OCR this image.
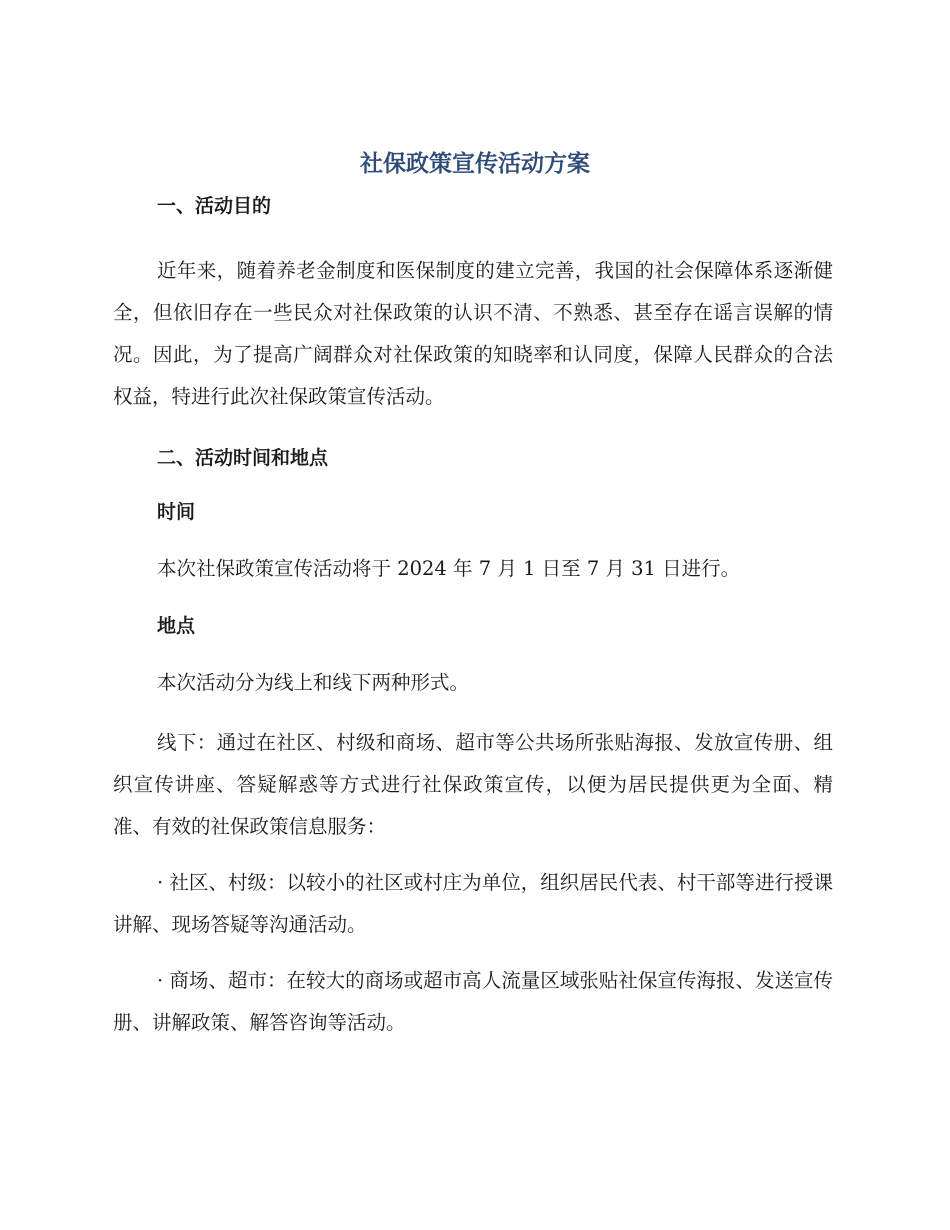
社保政策宣传活动方案
一、活动目的

近年来，随着养老金制度和医保制度的建立完善，我国的社会保障体系逐渐健全，但依旧存在一些民众对社保政策的认识不清、不熟悉、甚至存在谣言误解的情况。因此，为了提高广阔群众对社保政策的知晓率和认同度，保障人民群众的合法权益，特进行此次社保政策宣传活动。

二、活动时间和地点
时间

本次社保政策宣传活动将于 2024 年 7 月 1 日至 7 月 31 日进行。

地点

本次活动分为线上和线下两种形式。

线下：通过在社区、村级和商场、超市等公共场所张贴海报、发放宣传册、组织宣传讲座、答疑解惑等方式进行社保政策宣传，以便为居民提供更为全面、精准、有效的社保政策信息服务：

· 社区、村级：以较小的社区或村庄为单位，组织居民代表、村干部等进行授课讲解、现场答疑等沟通活动。

· 商场、超市：在较大的商场或超市高人流量区域张贴社保宣传海报、发送宣传册、讲解政策、解答咨询等活动。
